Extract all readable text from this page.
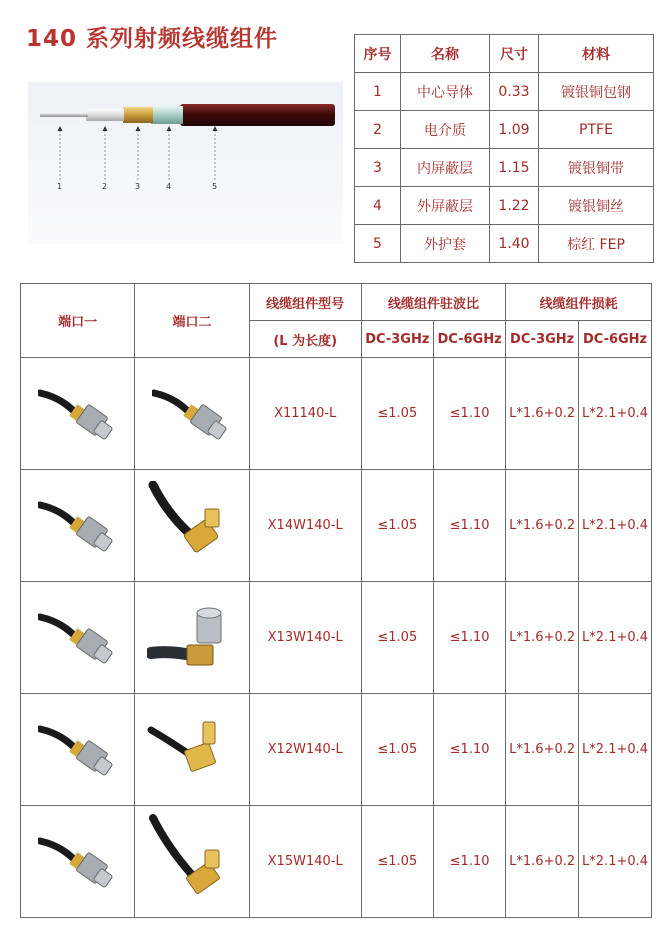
140 系列射频线缆组件
1	2	3	4	5
序号	名称	尺寸	材料
1	中心导体	0.33	镀银铜包钢
2	电介质	1.09	PTFE
3	内屏蔽层	1.15	镀银铜带
4	外屏蔽层	1.22	镀银铜丝
5	外护套	1.40	棕红 FEP
端口一	端口二	线缆组件型号	线缆组件驻波比		线缆组件损耗	
		(L 为长度)	DC-3GHz	DC-6GHz	DC-3GHz	DC-6GHz

	X11140-L	≤1.05	≤1.10	L*1.6+0.2	L*2.1+0.4

	X14W140-L	≤1.05	≤1.10	L*1.6+0.2	L*2.1+0.4

	X13W140-L	≤1.05	≤1.10	L*1.6+0.2	L*2.1+0.4

	X12W140-L	≤1.05	≤1.10	L*1.6+0.2	L*2.1+0.4

	X15W140-L	≤1.05	≤1.10	L*1.6+0.2	L*2.1+0.4
